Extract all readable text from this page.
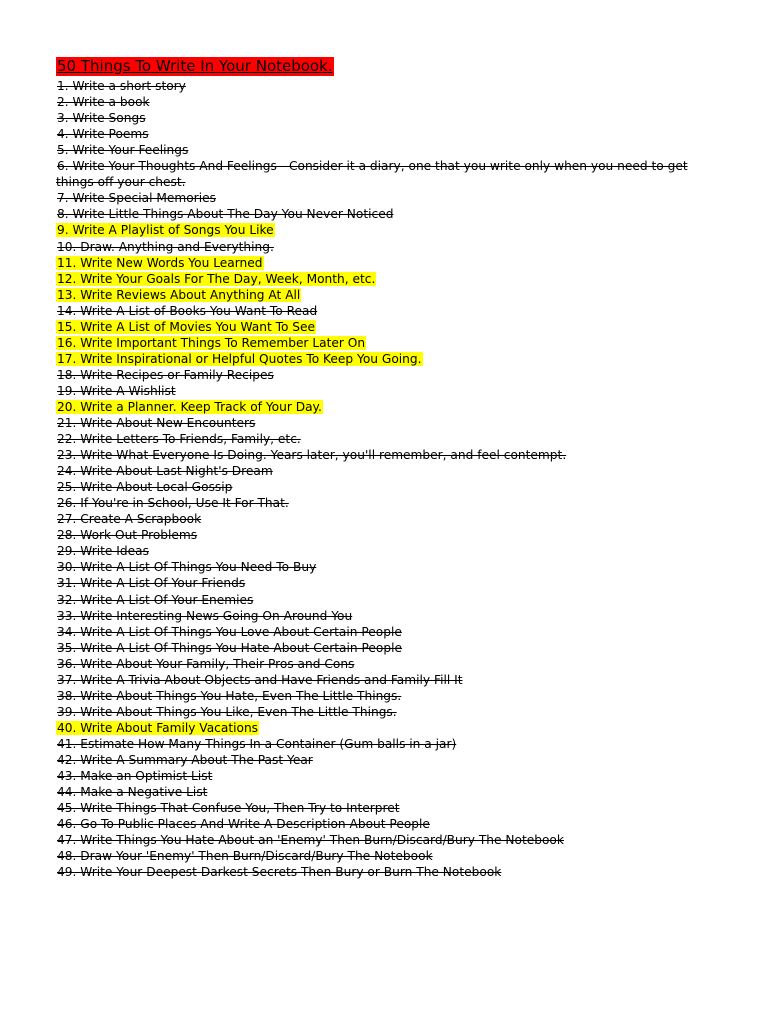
50 Things To Write In Your Notebook.
1. Write a short story
2. Write a book
3. Write Songs
4. Write Poems
5. Write Your Feelings
6. Write Your Thoughts And Feelings - Consider it a diary, one that you write only when you need to get things off your chest.
7. Write Special Memories
8. Write Little Things About The Day You Never Noticed
9. Write A Playlist of Songs You Like
10. Draw. Anything and Everything.
11. Write New Words You Learned
12. Write Your Goals For The Day, Week, Month, etc.
13. Write Reviews About Anything At All
14. Write A List of Books You Want To Read
15. Write A List of Movies You Want To See
16. Write Important Things To Remember Later On
17. Write Inspirational or Helpful Quotes To Keep You Going.
18. Write Recipes or Family Recipes
19. Write A Wishlist
20. Write a Planner. Keep Track of Your Day.
21. Write About New Encounters
22. Write Letters To Friends, Family, etc.
23. Write What Everyone Is Doing. Years later, you'll remember, and feel contempt.
24. Write About Last Night's Dream
25. Write About Local Gossip
26. If You're in School, Use It For That.
27. Create A Scrapbook
28. Work Out Problems
29. Write Ideas
30. Write A List Of Things You Need To Buy
31. Write A List Of Your Friends
32. Write A List Of Your Enemies
33. Write Interesting News Going On Around You
34. Write A List Of Things You Love About Certain People
35. Write A List Of Things You Hate About Certain People
36. Write About Your Family, Their Pros and Cons
37. Write A Trivia About Objects and Have Friends and Family Fill It
38. Write About Things You Hate, Even The Little Things.
39. Write About Things You Like, Even The Little Things.
40. Write About Family Vacations
41. Estimate How Many Things In a Container (Gum balls in a jar)
42. Write A Summary About The Past Year
43. Make an Optimist List
44. Make a Negative List
45. Write Things That Confuse You, Then Try to Interpret
46. Go To Public Places And Write A Description About People
47. Write Things You Hate About an 'Enemy' Then Burn/Discard/Bury The Notebook
48. Draw Your 'Enemy' Then Burn/Discard/Bury The Notebook
49. Write Your Deepest Darkest Secrets Then Bury or Burn The Notebook
